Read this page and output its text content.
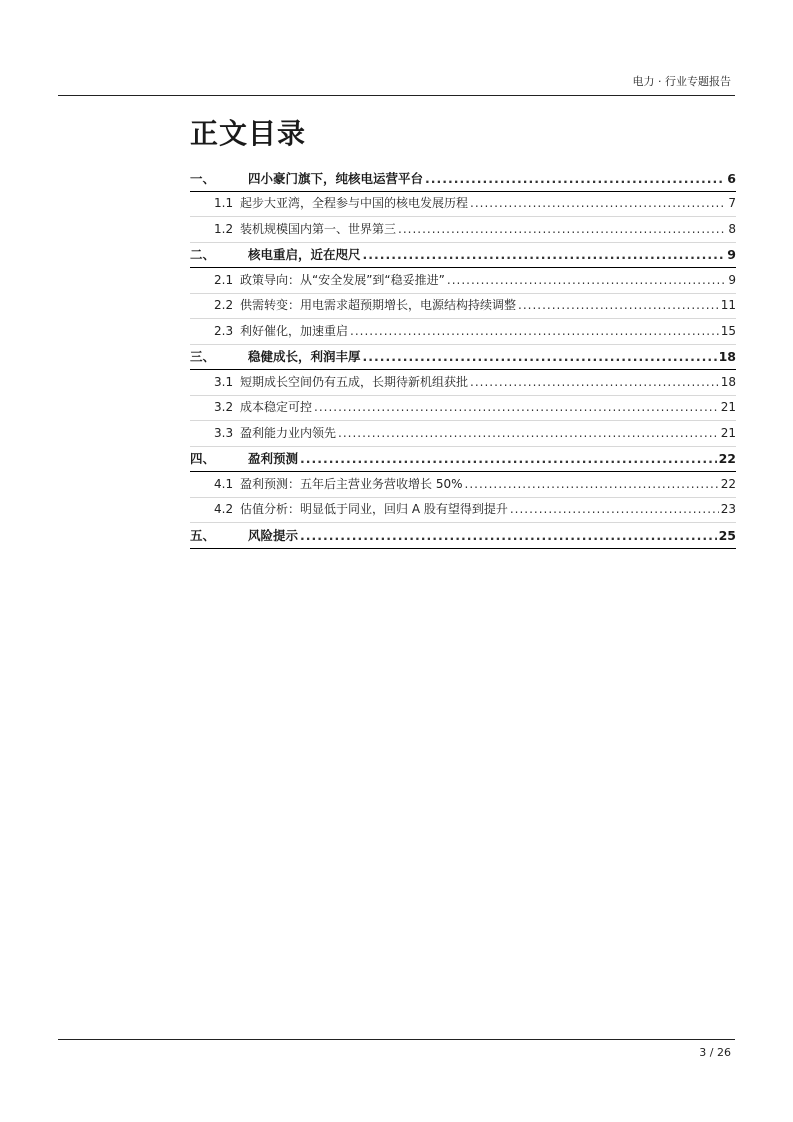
电力 · 行业专题报告
正文目录
一、	四小豪门旗下，纯核电运营平台 .....	6
1.1 起步大亚湾，全程参与中国的核电发展历程 .....	7
1.2 装机规模国内第一、世界第三 .....	8
二、	核电重启，近在咫尺 .....	9
2.1 政策导向：从“安全发展”到“稳妥推进” .....	9
2.2 供需转变：用电需求超预期增长，电源结构持续调整 .....	11
2.3 利好催化，加速重启 .....	15
三、	稳健成长，利润丰厚 .....	18
3.1 短期成长空间仍有五成，长期待新机组获批 .....	18
3.2 成本稳定可控 .....	21
3.3 盈利能力业内领先 .....	21
四、	盈利预测 .....	22
4.1 盈利预测：五年后主营业务营收增长 50% .....	22
4.2 估值分析：明显低于同业，回归 A 股有望得到提升 .....	23
五、	风险提示 .....	25
3 / 26
